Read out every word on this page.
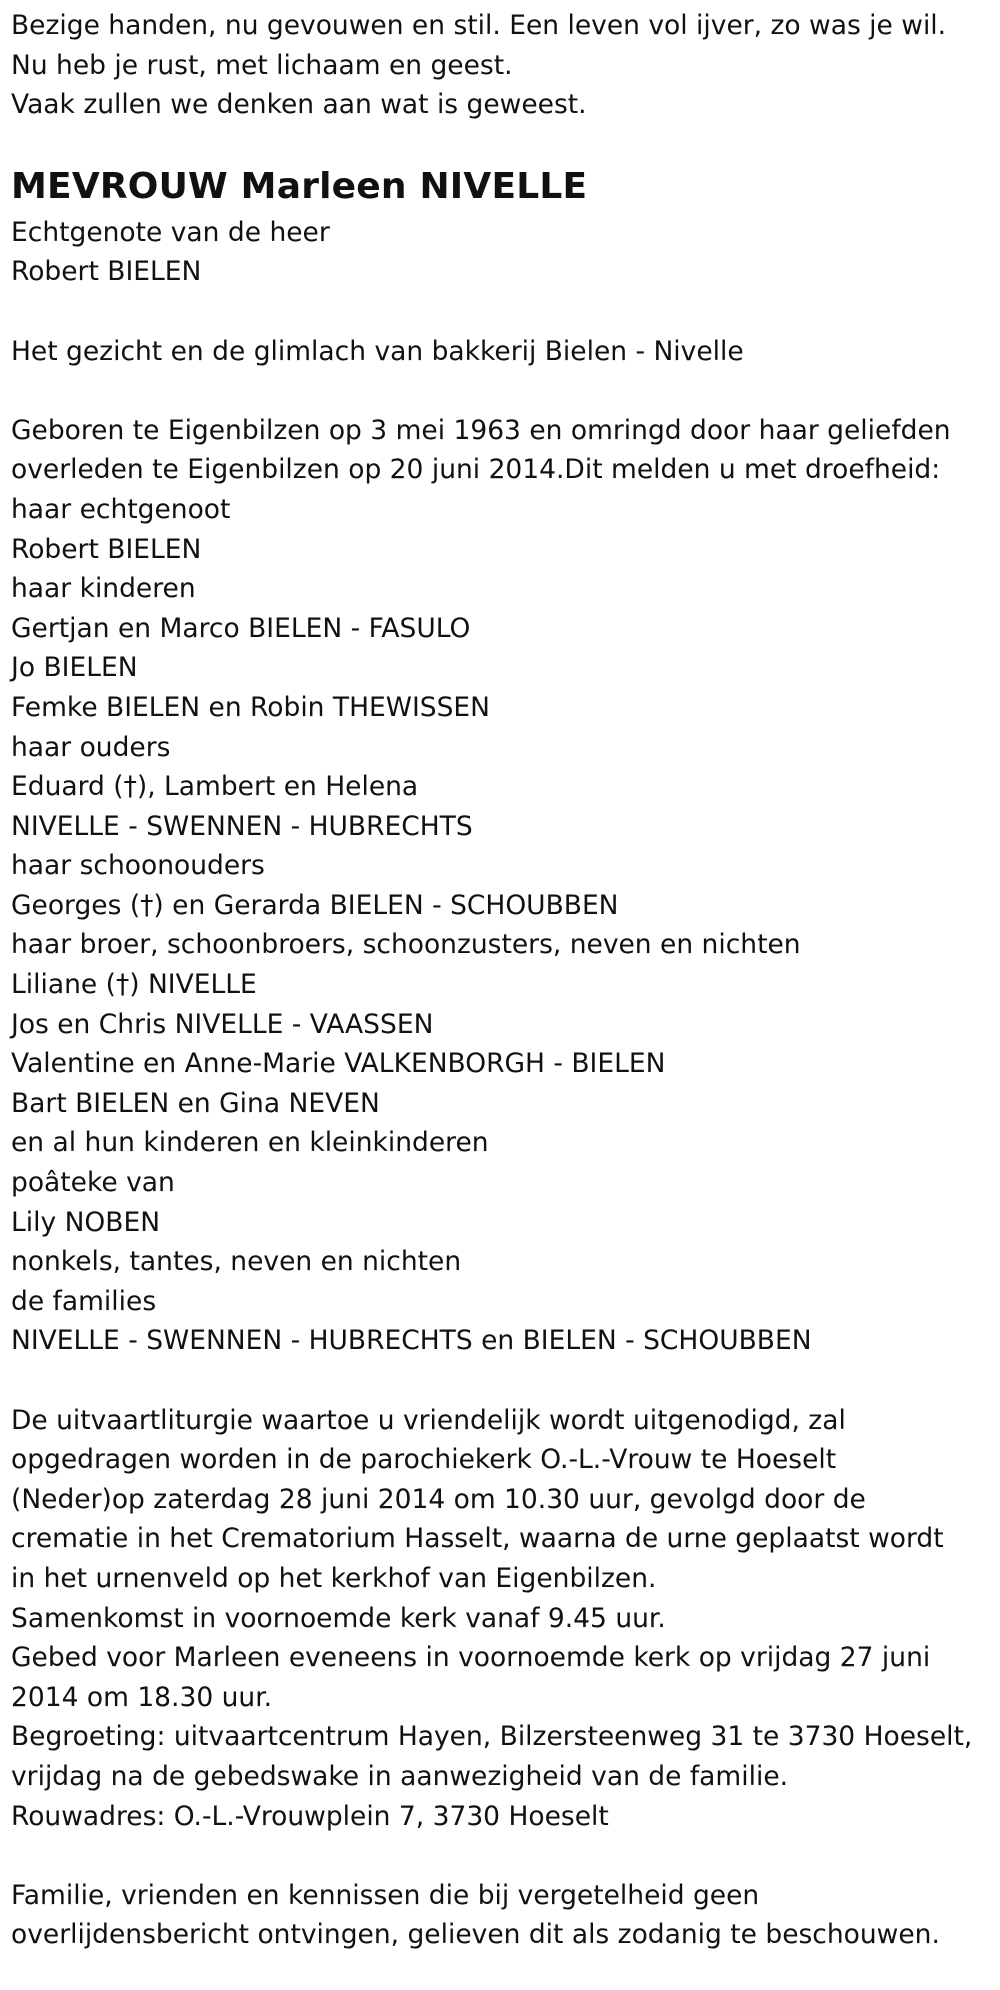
Bezige handen, nu gevouwen en stil. Een leven vol ijver, zo was je wil.
Nu heb je rust, met lichaam en geest.
Vaak zullen we denken aan wat is geweest.
MEVROUW Marleen NIVELLE
Echtgenote van de heer
Robert BIELEN
Het gezicht en de glimlach van bakkerij Bielen - Nivelle
Geboren te Eigenbilzen op 3 mei 1963 en omringd door haar geliefden
overleden te Eigenbilzen op 20 juni 2014.Dit melden u met droefheid:
haar echtgenoot
Robert BIELEN
haar kinderen
Gertjan en Marco BIELEN - FASULO
Jo BIELEN
Femke BIELEN en Robin THEWISSEN
haar ouders
Eduard (†), Lambert en Helena
NIVELLE - SWENNEN - HUBRECHTS
haar schoonouders
Georges (†) en Gerarda BIELEN - SCHOUBBEN
haar broer, schoonbroers, schoonzusters, neven en nichten
Liliane (†) NIVELLE
Jos en Chris NIVELLE - VAASSEN
Valentine en Anne-Marie VALKENBORGH - BIELEN
Bart BIELEN en Gina NEVEN
en al hun kinderen en kleinkinderen
poâteke van
Lily NOBEN
nonkels, tantes, neven en nichten
de families
NIVELLE - SWENNEN - HUBRECHTS en BIELEN - SCHOUBBEN
De uitvaartliturgie waartoe u vriendelijk wordt uitgenodigd, zal
opgedragen worden in de parochiekerk O.-L.-Vrouw te Hoeselt
(Neder)op zaterdag 28 juni 2014 om 10.30 uur, gevolgd door de
crematie in het Crematorium Hasselt, waarna de urne geplaatst wordt
in het urnenveld op het kerkhof van Eigenbilzen.
Samenkomst in voornoemde kerk vanaf 9.45 uur.
Gebed voor Marleen eveneens in voornoemde kerk op vrijdag 27 juni
2014 om 18.30 uur.
Begroeting: uitvaartcentrum Hayen, Bilzersteenweg 31 te 3730 Hoeselt,
vrijdag na de gebedswake in aanwezigheid van de familie.
Rouwadres: O.-L.-Vrouwplein 7, 3730 Hoeselt
Familie, vrienden en kennissen die bij vergetelheid geen
overlijdensbericht ontvingen, gelieven dit als zodanig te beschouwen.
